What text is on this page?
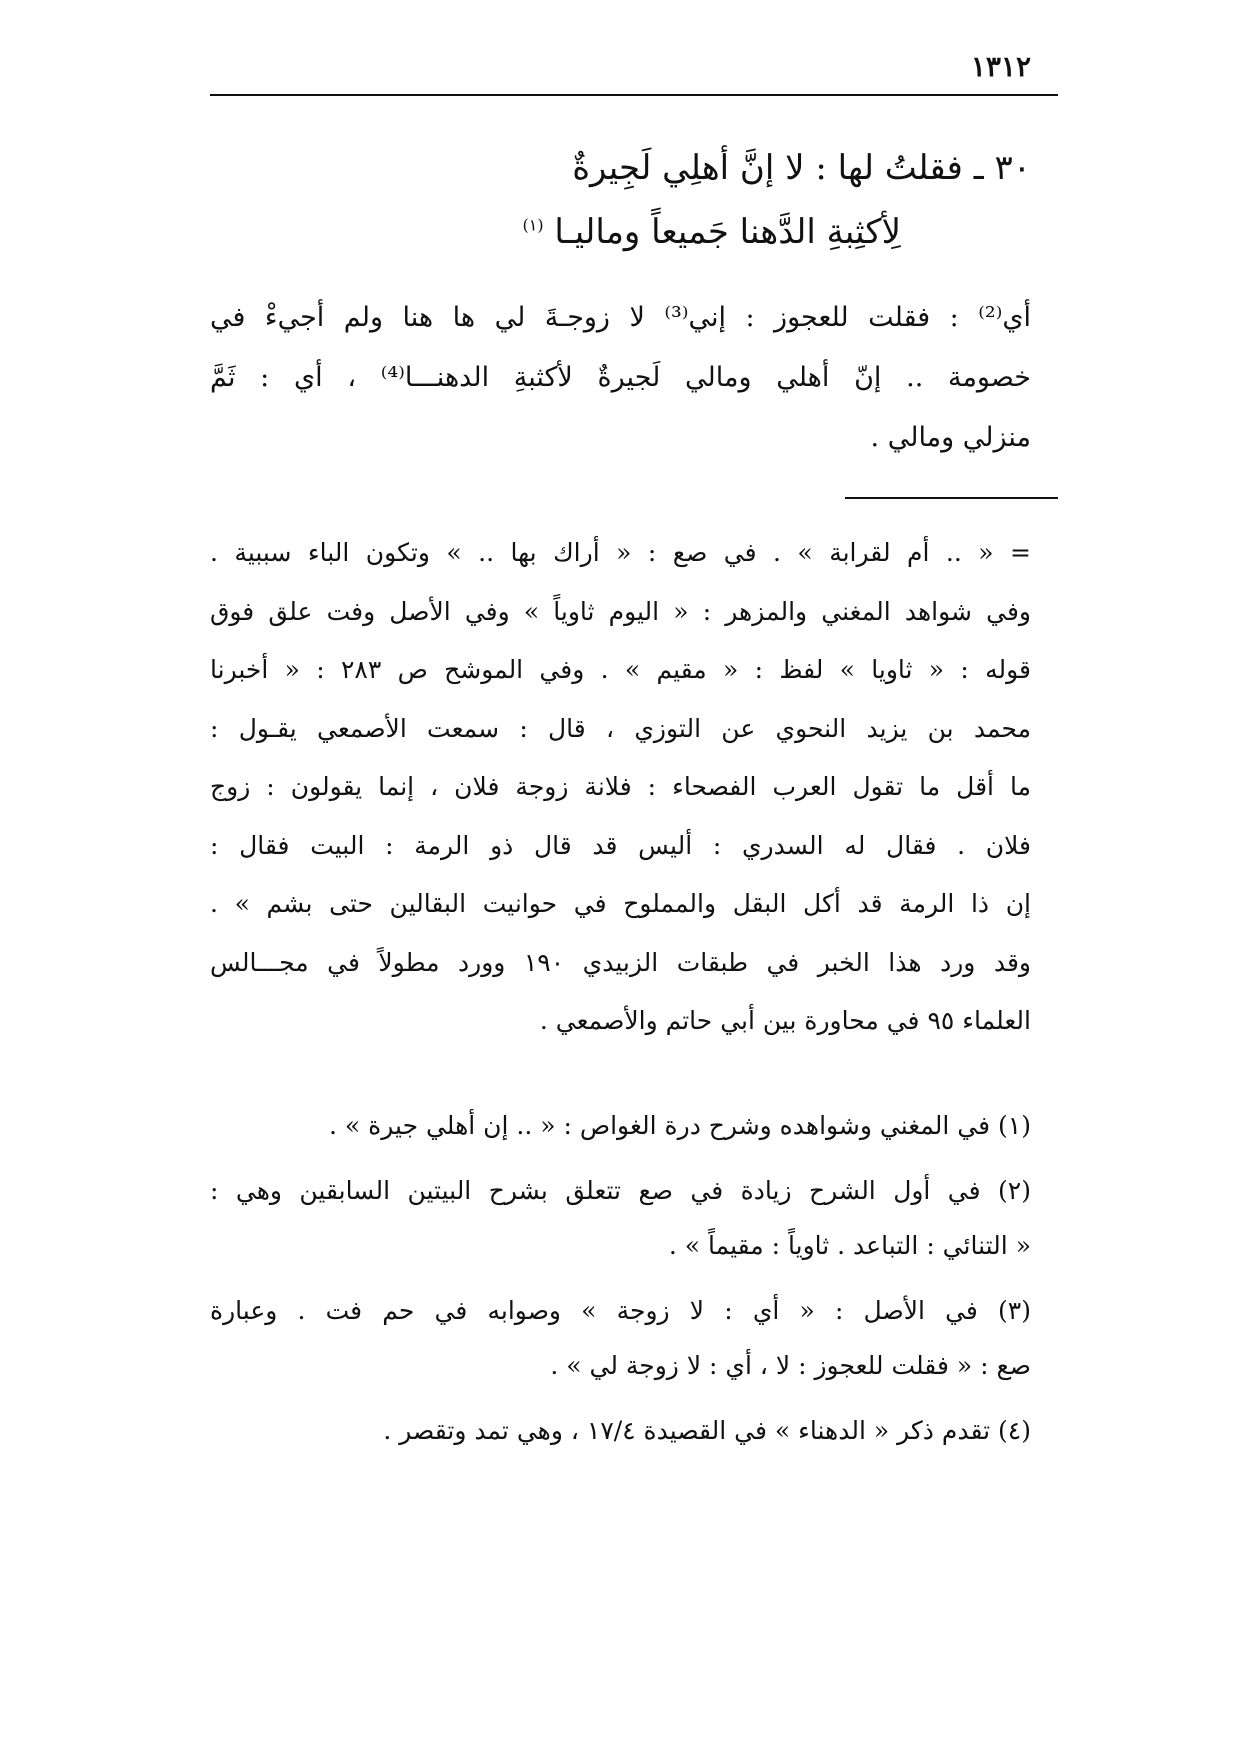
١٣١٢
٣٠ ـ فقلتُ لها : لا إنَّ أهلِي لَجِيرةٌ
لِأكثِبةِ الدَّهنا جَميعاً وماليـا $^{(١)}$
أي⁽²⁾ : فقلت للعجوز : إني⁽³⁾ لا زوجـةَ لي ها هنا ولم أجيءْ في
خصومة .. إنّ أهلي ومالي لَجيرةٌ لأكثبةِ الدهنـــا⁽⁴⁾ ، أي : ثَمَّ
منزلي ومالي .
= « .. أم لقرابة » . في صع : « أراك بها .. » وتكون الباء سببية .
وفي شواهد المغني والمزهر : « اليوم ثاوياً » وفي الأصل وفت علق فوق
قوله : « ثاويا » لفظ : « مقيم » . وفي الموشح ص ٢٨٣ : « أخبرنا
محمد بن يزيد النحوي عن التوزي ، قال : سمعت الأصمعي يقـول :
ما أقل ما تقول العرب الفصحاء : فلانة زوجة فلان ، إنما يقولون : زوج
فلان . فقال له السدري : أليس قد قال ذو الرمة : البيت فقال :
إن ذا الرمة قد أكل البقل والمملوح في حوانيت البقالين حتى بشم » .
وقد ورد هذا الخبر في طبقات الزبيدي ١٩٠ وورد مطولاً في مجـــالس
العلماء ٩٥ في محاورة بين أبي حاتم والأصمعي .
(١) في المغني وشواهده وشرح درة الغواص : « .. إن أهلي جيرة » .
(٢) في أول الشرح زيادة في صع تتعلق بشرح البيتين السابقين وهي :
« التنائي : التباعد . ثاوياً : مقيماً » .
(٣) في الأصل : « أي : لا زوجة » وصوابه في حم فت . وعبارة
صع : « فقلت للعجوز : لا ، أي : لا زوجة لي » .
(٤) تقدم ذكر « الدهناء » في القصيدة ١٧/٤ ، وهي تمد وتقصر .
